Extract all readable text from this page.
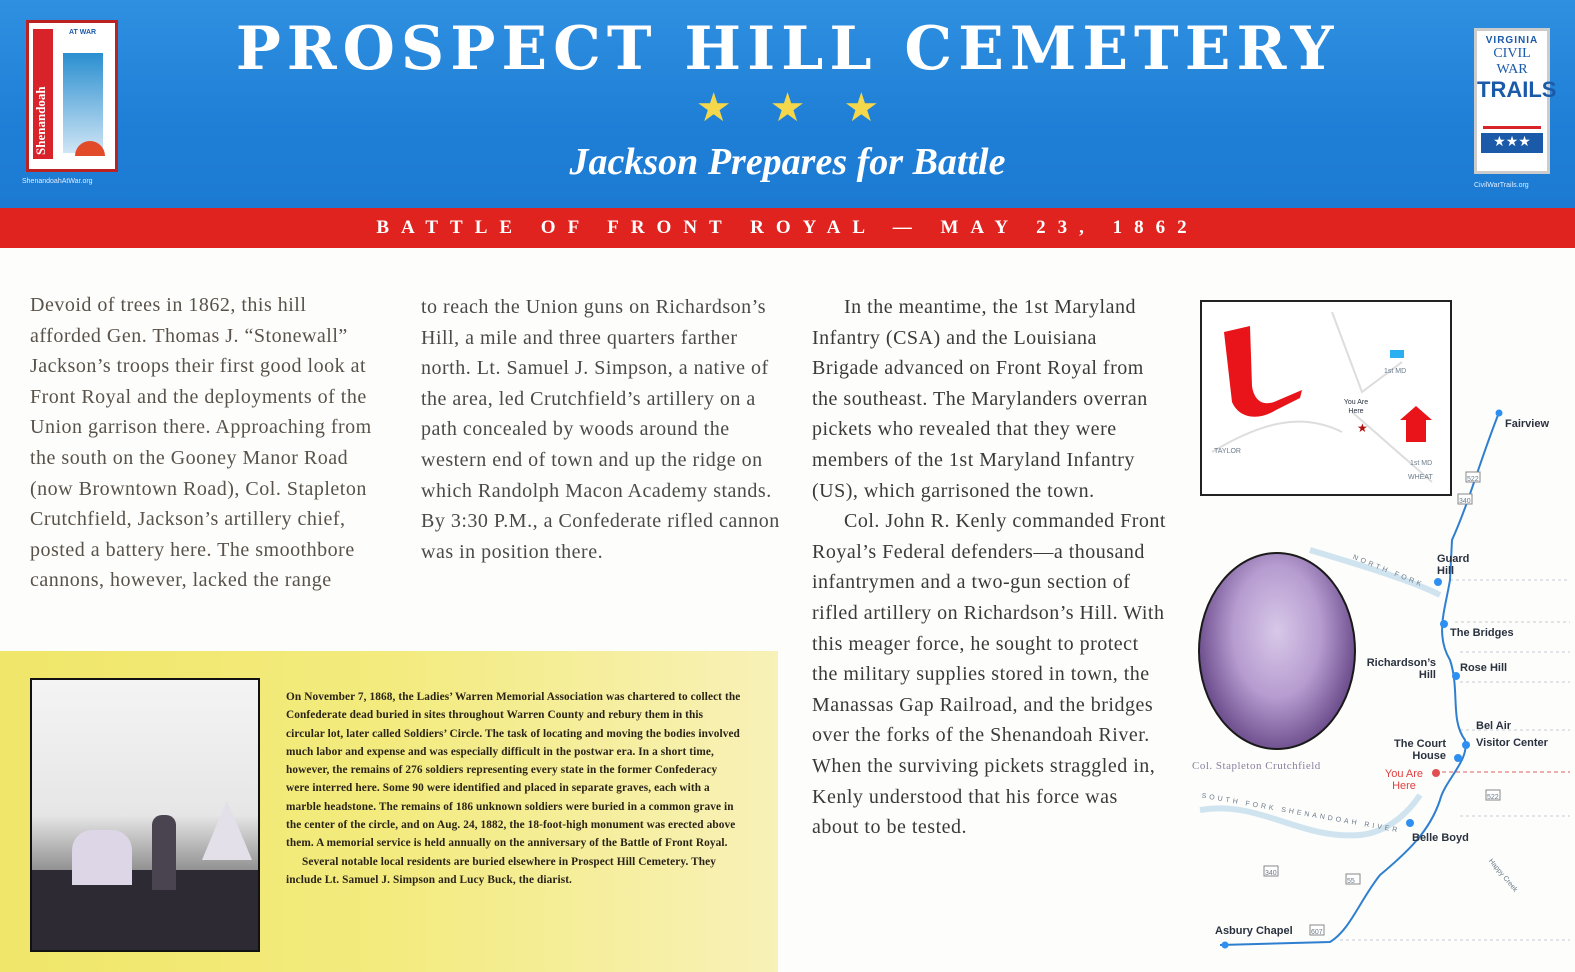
Shenandoah
AT WAR
ShenandoahAtWar.org
PROSPECT HILL CEMETERY
★★★
Jackson Prepares for Battle
VIRGINIA
CIVIL WAR
TRAILS
★★★
CivilWarTrails.org
BATTLE OF FRONT ROYAL — MAY 23, 1862

Devoid of trees in 1862, this hill afforded Gen. Thomas J. “Stonewall” Jackson’s troops their first good look at Front Royal and the deployments of the Union garrison there. Approaching from the south on the Gooney Manor Road (now Browntown Road), Col. Stapleton Crutchfield, Jackson’s artillery chief, posted a battery here. The smoothbore cannons, however, lacked the range

to reach the Union guns on Richardson’s Hill, a mile and three quarters farther north. Lt. Samuel J. Simpson, a native of the area, led Crutchfield’s artillery on a path concealed by woods around the western end of town and up the ridge on which Randolph Macon Academy stands. By 3:30 P.M., a Confederate rifled cannon was in position there.

In the meantime, the 1st Maryland Infantry (CSA) and the Louisiana Brigade advanced on Front Royal from the southeast. The Marylanders overran pickets who revealed that they were members of the 1st Maryland Infantry (US), which garrisoned the town.

Col. John R. Kenly commanded Front Royal’s Federal defenders—a thousand infantrymen and a two-gun section of rifled artillery on Richardson’s Hill. With this meager force, he sought to protect the military supplies stored in town, the Manassas Gap Railroad, and the bridges over the forks of the Shenandoah River. When the surviving pickets straggled in, Kenly understood that his force was about to be tested.

On November 7, 1868, the Ladies’ Warren Memorial Association was chartered to collect the Confederate dead buried in sites throughout Warren County and rebury them in this circular lot, later called Soldiers’ Circle. The task of locating and moving the bodies involved much labor and expense and was especially difficult in the postwar era. In a short time, however, the remains of 276 soldiers representing every state in the former Confederacy were interred here. Some 90 were identified and placed in separate graves, each with a marble headstone. The remains of 186 unknown soldiers were buried in a common grave in the center of the circle, and on Aug. 24, 1882, the 18-foot-high monument was erected above them. A memorial service is held annually on the anniversary of the Battle of Front Royal.

Several notable local residents are buried elsewhere in Prospect Hill Cemetery. They include Lt. Samuel J. Simpson and Lucy Buck, the diarist.

★
You Are Here
TAYLOR
1st MD
1st MD
WHEAT
Col. Stapleton Crutchfield
Fairview
Guard Hill
The Bridges
Richardson’s Hill
Rose Hill
Bel Air
Visitor Center
The Court House
You Are Here
Belle Boyd
Asbury Chapel
NORTH FORK
SOUTH FORK SHENANDOAH RIVER
Happy Creek
522
340
522
340
55
607
